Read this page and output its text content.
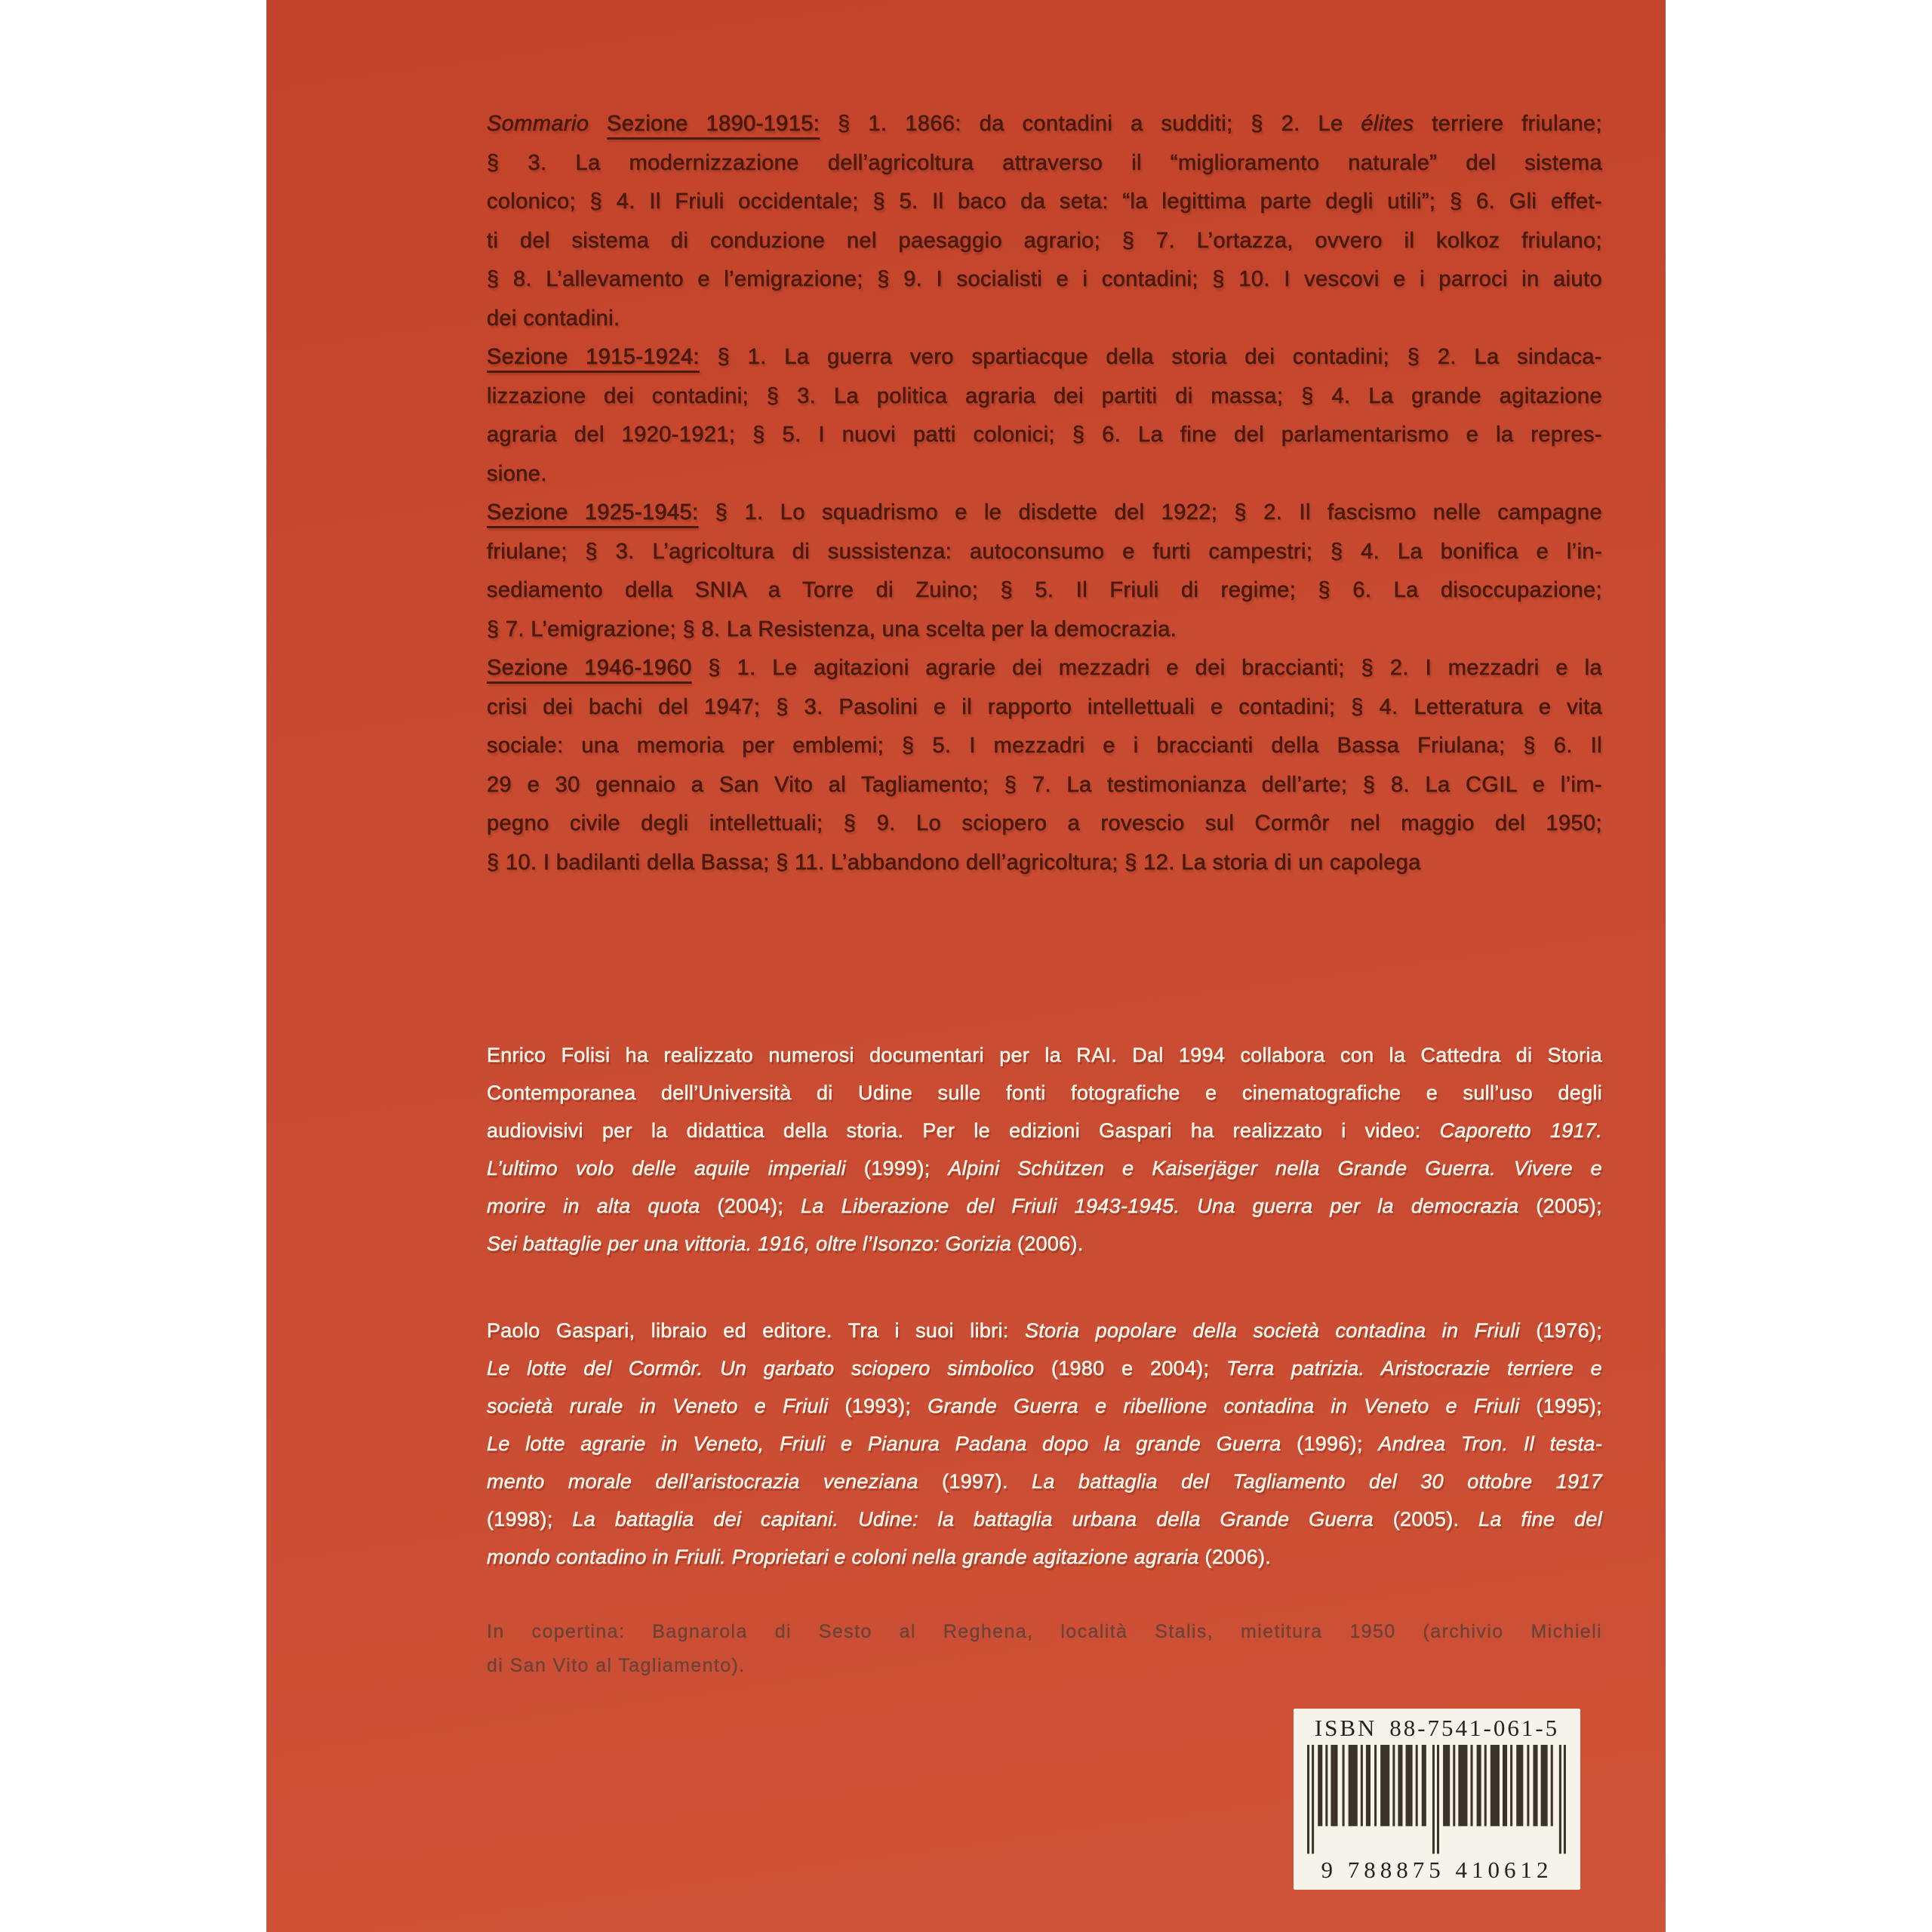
Sommario Sezione 1890-1915: § 1. 1866: da contadini a sudditi; § 2. Le élites terriere friulane;
§ 3. La modernizzazione dell’agricoltura attraverso il “miglioramento naturale” del sistema
colonico; § 4. Il Friuli occidentale; § 5. Il baco da seta: “la legittima parte degli utili”; § 6. Gli effet-
ti del sistema di conduzione nel paesaggio agrario; § 7. L’ortazza, ovvero il kolkoz friulano;
§ 8. L’allevamento e l’emigrazione; § 9. I socialisti e i contadini; § 10. I vescovi e i parroci in aiuto
dei contadini.
Sezione 1915-1924: § 1. La guerra vero spartiacque della storia dei contadini; § 2. La sindaca-
lizzazione dei contadini; § 3. La politica agraria dei partiti di massa; § 4. La grande agitazione
agraria del 1920-1921; § 5. I nuovi patti colonici; § 6. La fine del parlamentarismo e la repres-
sione.
Sezione 1925-1945: § 1. Lo squadrismo e le disdette del 1922; § 2. Il fascismo nelle campagne
friulane; § 3. L’agricoltura di sussistenza: autoconsumo e furti campestri; § 4. La bonifica e l’in-
sediamento della SNIA a Torre di Zuino; § 5. Il Friuli di regime; § 6. La disoccupazione;
§ 7. L’emigrazione; § 8. La Resistenza, una scelta per la democrazia.
Sezione 1946-1960 § 1. Le agitazioni agrarie dei mezzadri e dei braccianti; § 2. I mezzadri e la
crisi dei bachi del 1947; § 3. Pasolini e il rapporto intellettuali e contadini; § 4. Letteratura e vita
sociale: una memoria per emblemi; § 5. I mezzadri e i braccianti della Bassa Friulana; § 6. Il
29 e 30 gennaio a San Vito al Tagliamento; § 7. La testimonianza dell’arte; § 8. La CGIL e l’im-
pegno civile degli intellettuali; § 9. Lo sciopero a rovescio sul Cormôr nel maggio del 1950;
§ 10. I badilanti della Bassa; § 11. L’abbandono dell’agricoltura; § 12. La storia di un capolega
Enrico Folisi ha realizzato numerosi documentari per la RAI. Dal 1994 collabora con la Cattedra di Storia
Contemporanea dell’Università di Udine sulle fonti fotografiche e cinematografiche e sull’uso degli
audiovisivi per la didattica della storia. Per le edizioni Gaspari ha realizzato i video: Caporetto 1917.
L’ultimo volo delle aquile imperiali (1999); Alpini Schützen e Kaiserjäger nella Grande Guerra. Vivere e
morire in alta quota (2004); La Liberazione del Friuli 1943-1945. Una guerra per la democrazia (2005);
Sei battaglie per una vittoria. 1916, oltre l’Isonzo: Gorizia (2006).
Paolo Gaspari, libraio ed editore. Tra i suoi libri: Storia popolare della società contadina in Friuli (1976);
Le lotte del Cormôr. Un garbato sciopero simbolico (1980 e 2004); Terra patrizia. Aristocrazie terriere e
società rurale in Veneto e Friuli (1993); Grande Guerra e ribellione contadina in Veneto e Friuli (1995);
Le lotte agrarie in Veneto, Friuli e Pianura Padana dopo la grande Guerra (1996); Andrea Tron. Il testa-
mento morale dell’aristocrazia veneziana (1997). La battaglia del Tagliamento del 30 ottobre 1917
(1998); La battaglia dei capitani. Udine: la battaglia urbana della Grande Guerra (2005). La fine del
mondo contadino in Friuli. Proprietari e coloni nella grande agitazione agraria (2006).
In copertina: Bagnarola di Sesto al Reghena, località Stalis, mietitura 1950 (archivio Michieli
di San Vito al Tagliamento).
ISBN 88-7541-061-5
9 788875 410612
